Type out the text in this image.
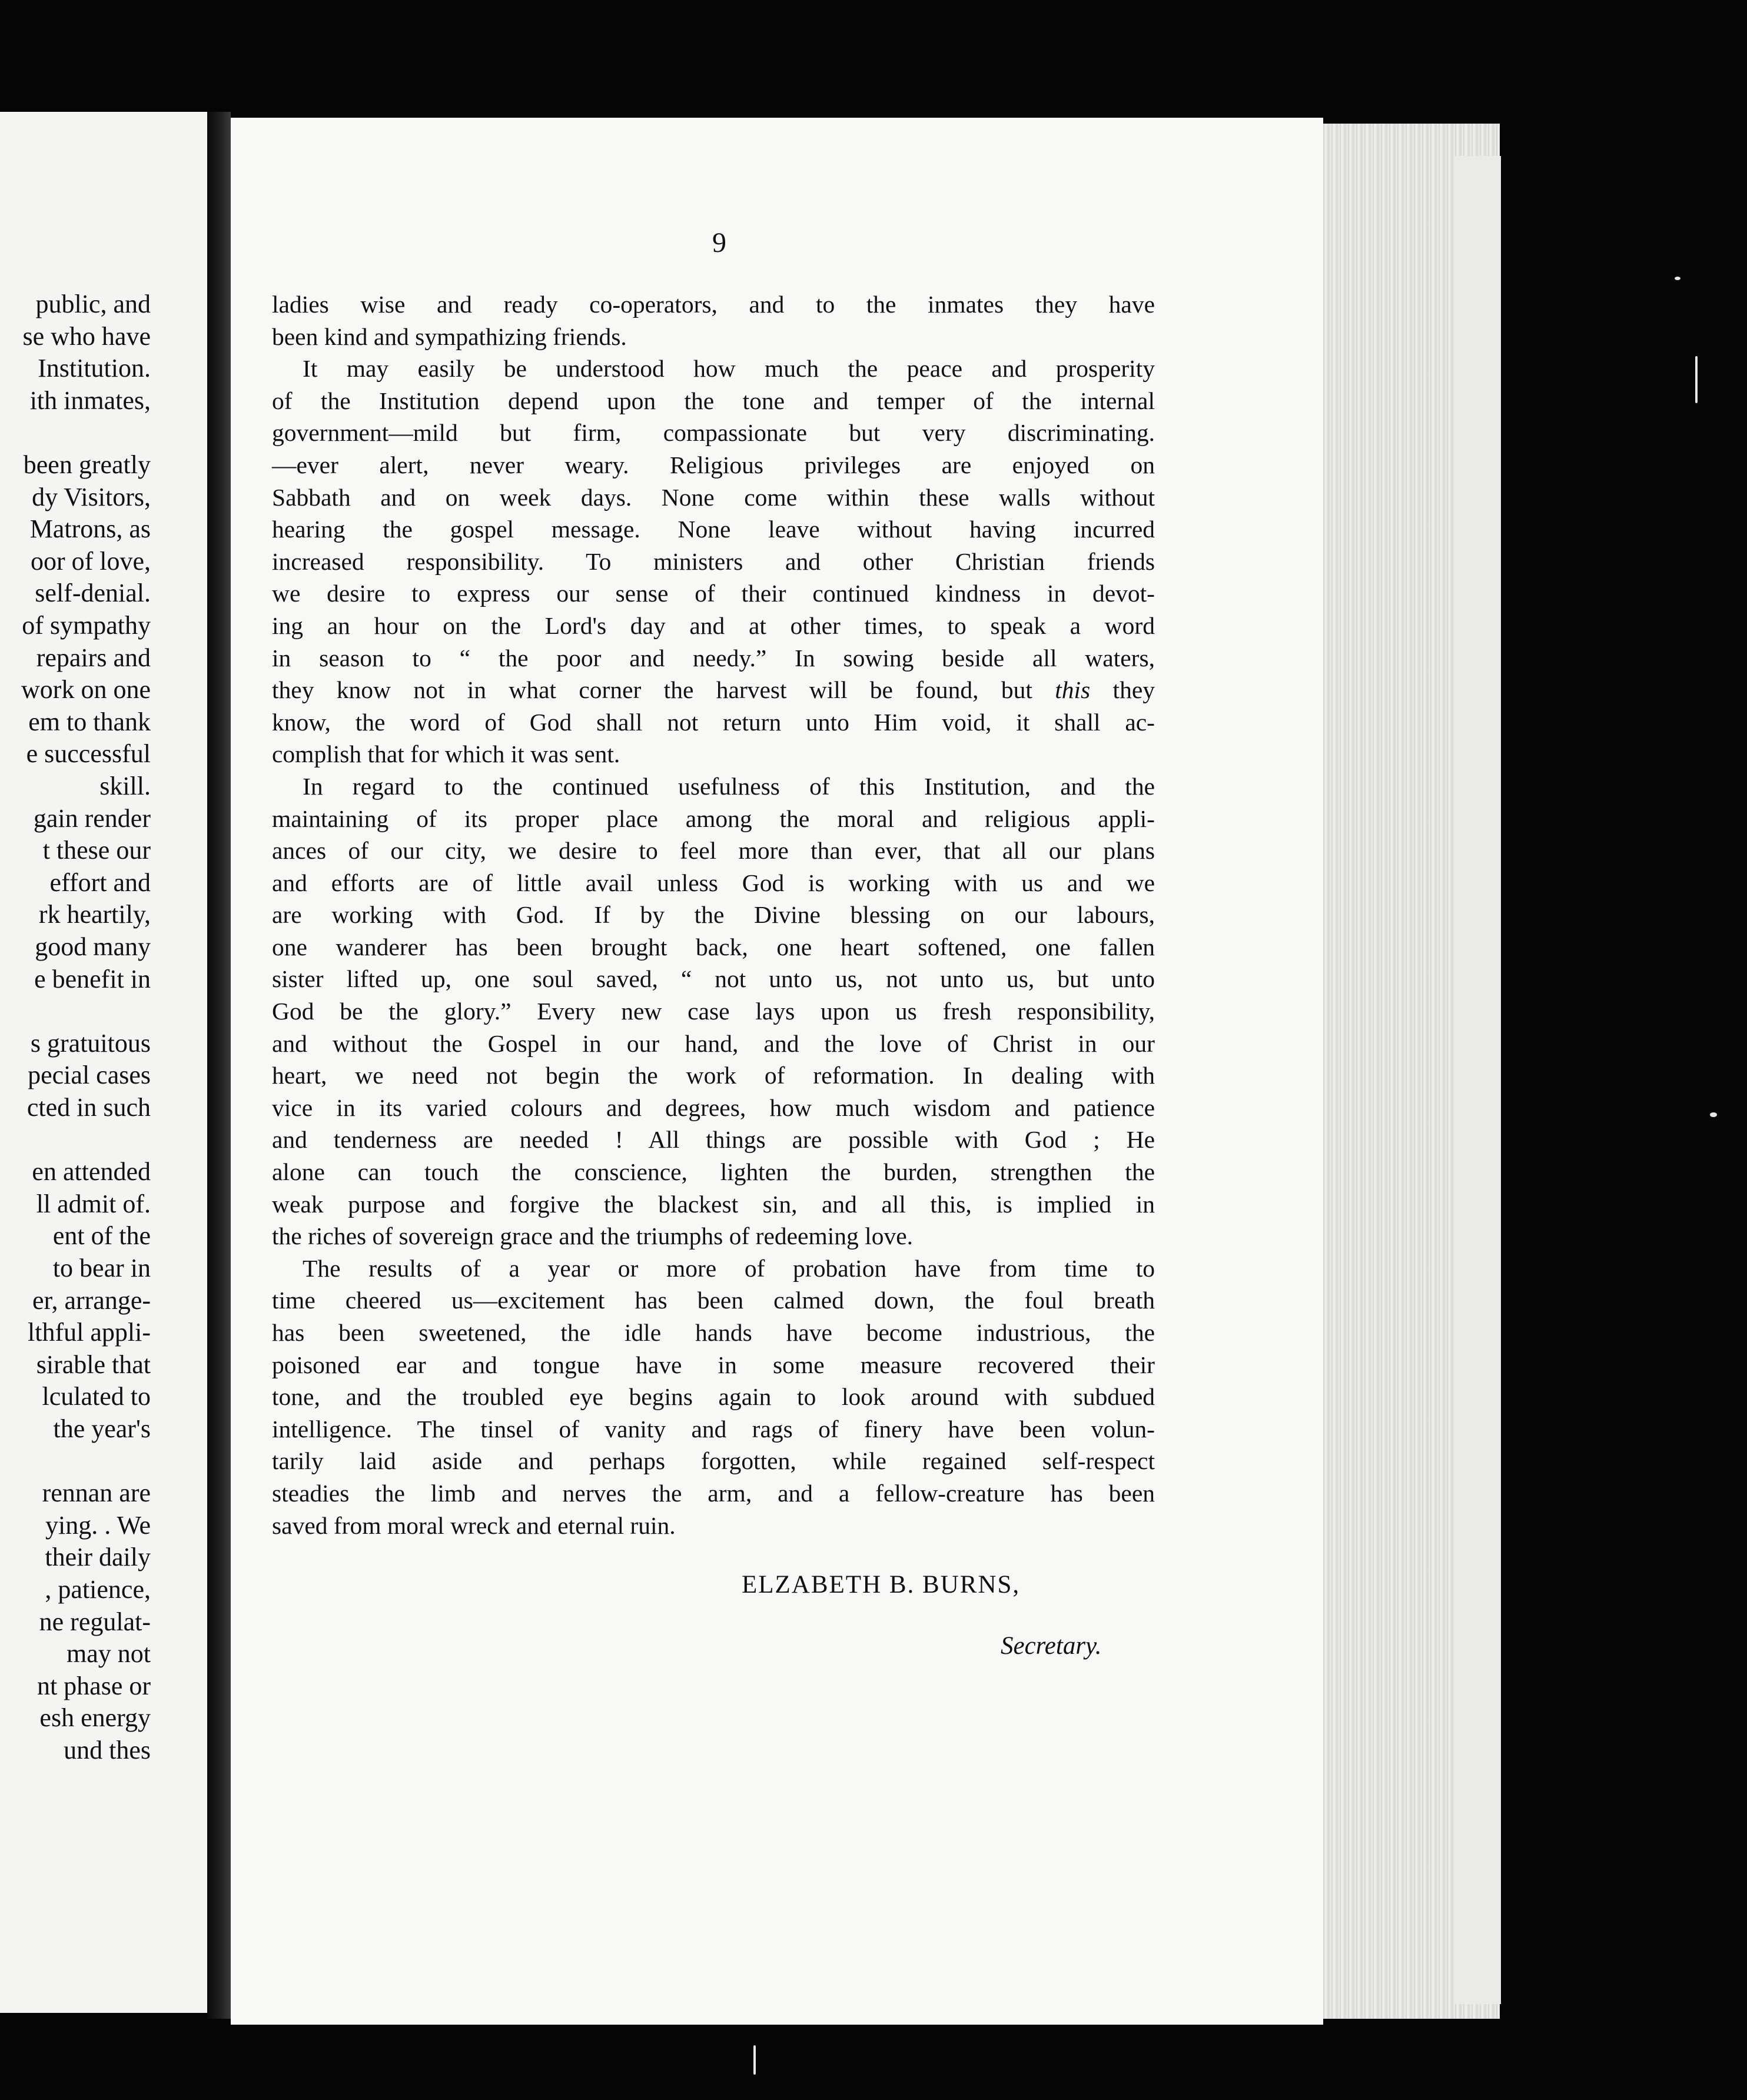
public, and
se who have
Institution.
ith inmates,
been greatly
dy Visitors,
Matrons, as
oor of love,
self-denial.
of sympathy
repairs and
work on one
em to thank
e successful
skill.
gain render
t these our
effort and
rk heartily,
good many
e benefit in
s gratuitous
pecial cases
cted in such
en attended
ll admit of.
ent of the
to bear in
er, arrange-
lthful appli-
sirable that
lculated to
the year's
rennan are
ying. . We
their daily
, patience,
ne regulat-
may not
nt phase or
esh energy
und thes
9
ladies wise and ready co-operators, and to the inmates they have
been kind and sympathizing friends.
It may easily be understood how much the peace and prosperity
of the Institution depend upon the tone and temper of the internal
government—mild but firm, compassionate but very discriminating.
—ever alert, never weary. Religious privileges are enjoyed on
Sabbath and on week days. None come within these walls without
hearing the gospel message. None leave without having incurred
increased responsibility. To ministers and other Christian friends
we desire to express our sense of their continued kindness in devot-
ing an hour on the Lord's day and at other times, to speak a word
in season to “ the poor and needy.” In sowing beside all waters,
they know not in what corner the harvest will be found, but this they
know, the word of God shall not return unto Him void, it shall ac-
complish that for which it was sent.
In regard to the continued usefulness of this Institution, and the
maintaining of its proper place among the moral and religious appli-
ances of our city, we desire to feel more than ever, that all our plans
and efforts are of little avail unless God is working with us and we
are working with God. If by the Divine blessing on our labours,
one wanderer has been brought back, one heart softened, one fallen
sister lifted up, one soul saved, “ not unto us, not unto us, but unto
God be the glory.” Every new case lays upon us fresh responsibility,
and without the Gospel in our hand, and the love of Christ in our
heart, we need not begin the work of reformation. In dealing with
vice in its varied colours and degrees, how much wisdom and patience
and tenderness are needed ! All things are possible with God ; He
alone can touch the conscience, lighten the burden, strengthen the
weak purpose and forgive the blackest sin, and all this, is implied in
the riches of sovereign grace and the triumphs of redeeming love.
The results of a year or more of probation have from time to
time cheered us—excitement has been calmed down, the foul breath
has been sweetened, the idle hands have become industrious, the
poisoned ear and tongue have in some measure recovered their
tone, and the troubled eye begins again to look around with subdued
intelligence. The tinsel of vanity and rags of finery have been volun-
tarily laid aside and perhaps forgotten, while regained self-respect
steadies the limb and nerves the arm, and a fellow-creature has been
saved from moral wreck and eternal ruin.
ELZABETH B. BURNS,
Secretary.
